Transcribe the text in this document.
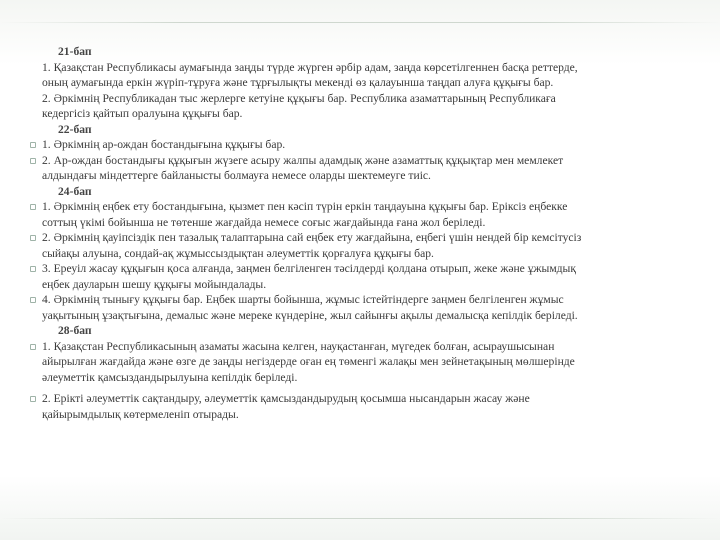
21-бап

1. Қазақстан Республикасы аумағында заңды түрде жүрген әрбір адам, заңда көрсетілгеннен басқа реттерде,

оның аумағында еркін жүріп-тұруға және тұрғылықты мекенді өз қалауынша таңдап алуға құқығы бар.

2. Әркімнің Республикадан тыс жерлерге кетуіне құқығы бар. Республика азаматтарының Республикаға

кедергісіз қайтып оралуына құқығы бар.

22-бап

1. Әркімнің ар-ождан бостандығына құқығы бар.

2. Ар-ождан бостандығы құқығын жүзеге асыру жалпы адамдық және азаматтық құқықтар мен мемлекет

алдындағы міндеттерге байланысты болмауға немесе оларды шектемеуге тиіс.

24-бап

1. Әркімнің еңбек ету бостандығына, қызмет пен кәсіп түрін еркін таңдауына құқығы бар. Еріксіз еңбекке

соттың үкімі бойынша не төтенше жағдайда немесе соғыс жағдайында ғана жол беріледі.

2. Әркімнің қауіпсіздік пен тазалық талаптарына сай еңбек ету жағдайына, еңбегі үшін нендей бір кемсітусіз

сыйақы алуына, сондай-ақ жұмыссыздықтан әлеуметтік қорғалуға құқығы бар.

3. Ереуіл жасау құқығын қоса алғанда, заңмен белгіленген тәсілдерді қолдана отырып, жеке және ұжымдық

еңбек дауларын шешу құқығы мойындалады.

4. Әркімнің тынығу құқығы бар. Еңбек шарты бойынша, жұмыс істейтіндерге заңмен белгіленген жұмыс

уақытының ұзақтығына, демалыс және мереке күндеріне, жыл сайынғы ақылы демалысқа кепілдік беріледі.

28-бап

1. Қазақстан Республикасының азаматы жасына келген, науқастанған, мүгедек болған, асыраушысынан

айырылған жағдайда және өзге де заңды негіздерде оған ең төменгі жалақы мен зейнетақының мөлшерінде

әлеуметтік қамсыздандырылуына кепілдік беріледі.

2. Ерікті әлеуметтік сақтандыру, әлеуметтік қамсыздандырудың қосымша нысандарын жасау және

қайырымдылық көтермеленіп отырады.
